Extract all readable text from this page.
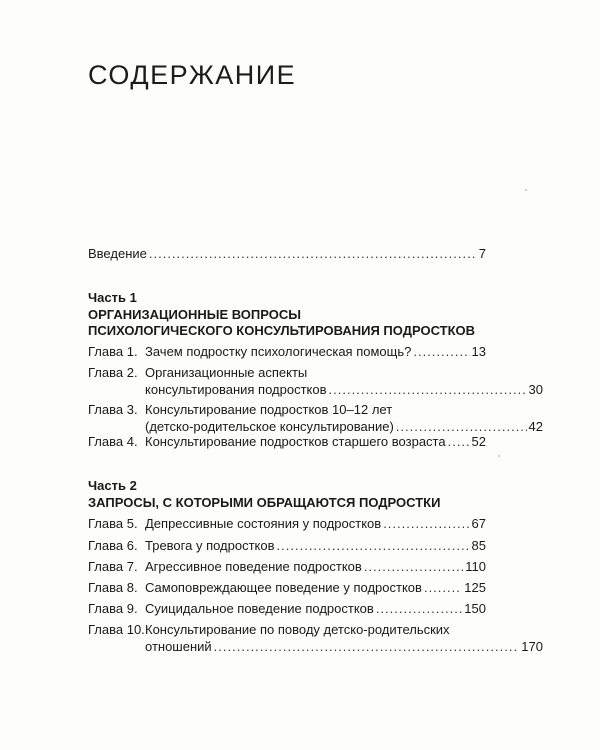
СОДЕРЖАНИЕ
Введение .....	7
Часть 1
ОРГАНИЗАЦИОННЫЕ ВОПРОСЫ
ПСИХОЛОГИЧЕСКОГО КОНСУЛЬТИРОВАНИЯ ПОДРОСТКОВ
Глава 1. Зачем подростку психологическая помощь? .....	13
Глава 2. Организационные аспекты
консультирования подростков .....	30
Глава 3. Консультирование подростков 10–12 лет
(детско-родительское консультирование) .....	42
Глава 4. Консультирование подростков старшего возраста ..... 52
Часть 2
ЗАПРОСЫ, С КОТОРЫМИ ОБРАЩАЮТСЯ ПОДРОСТКИ
Глава 5. Депрессивные состояния у подростков .....	67
Глава 6. Тревога у подростков .....	85
Глава 7. Агрессивное поведение подростков .....	110
Глава 8. Самоповреждающее поведение у подростков .....	125
Глава 9. Суицидальное поведение подростков .....	150
Глава 10. Консультирование по поводу детско-родительских
отношений .....	170
